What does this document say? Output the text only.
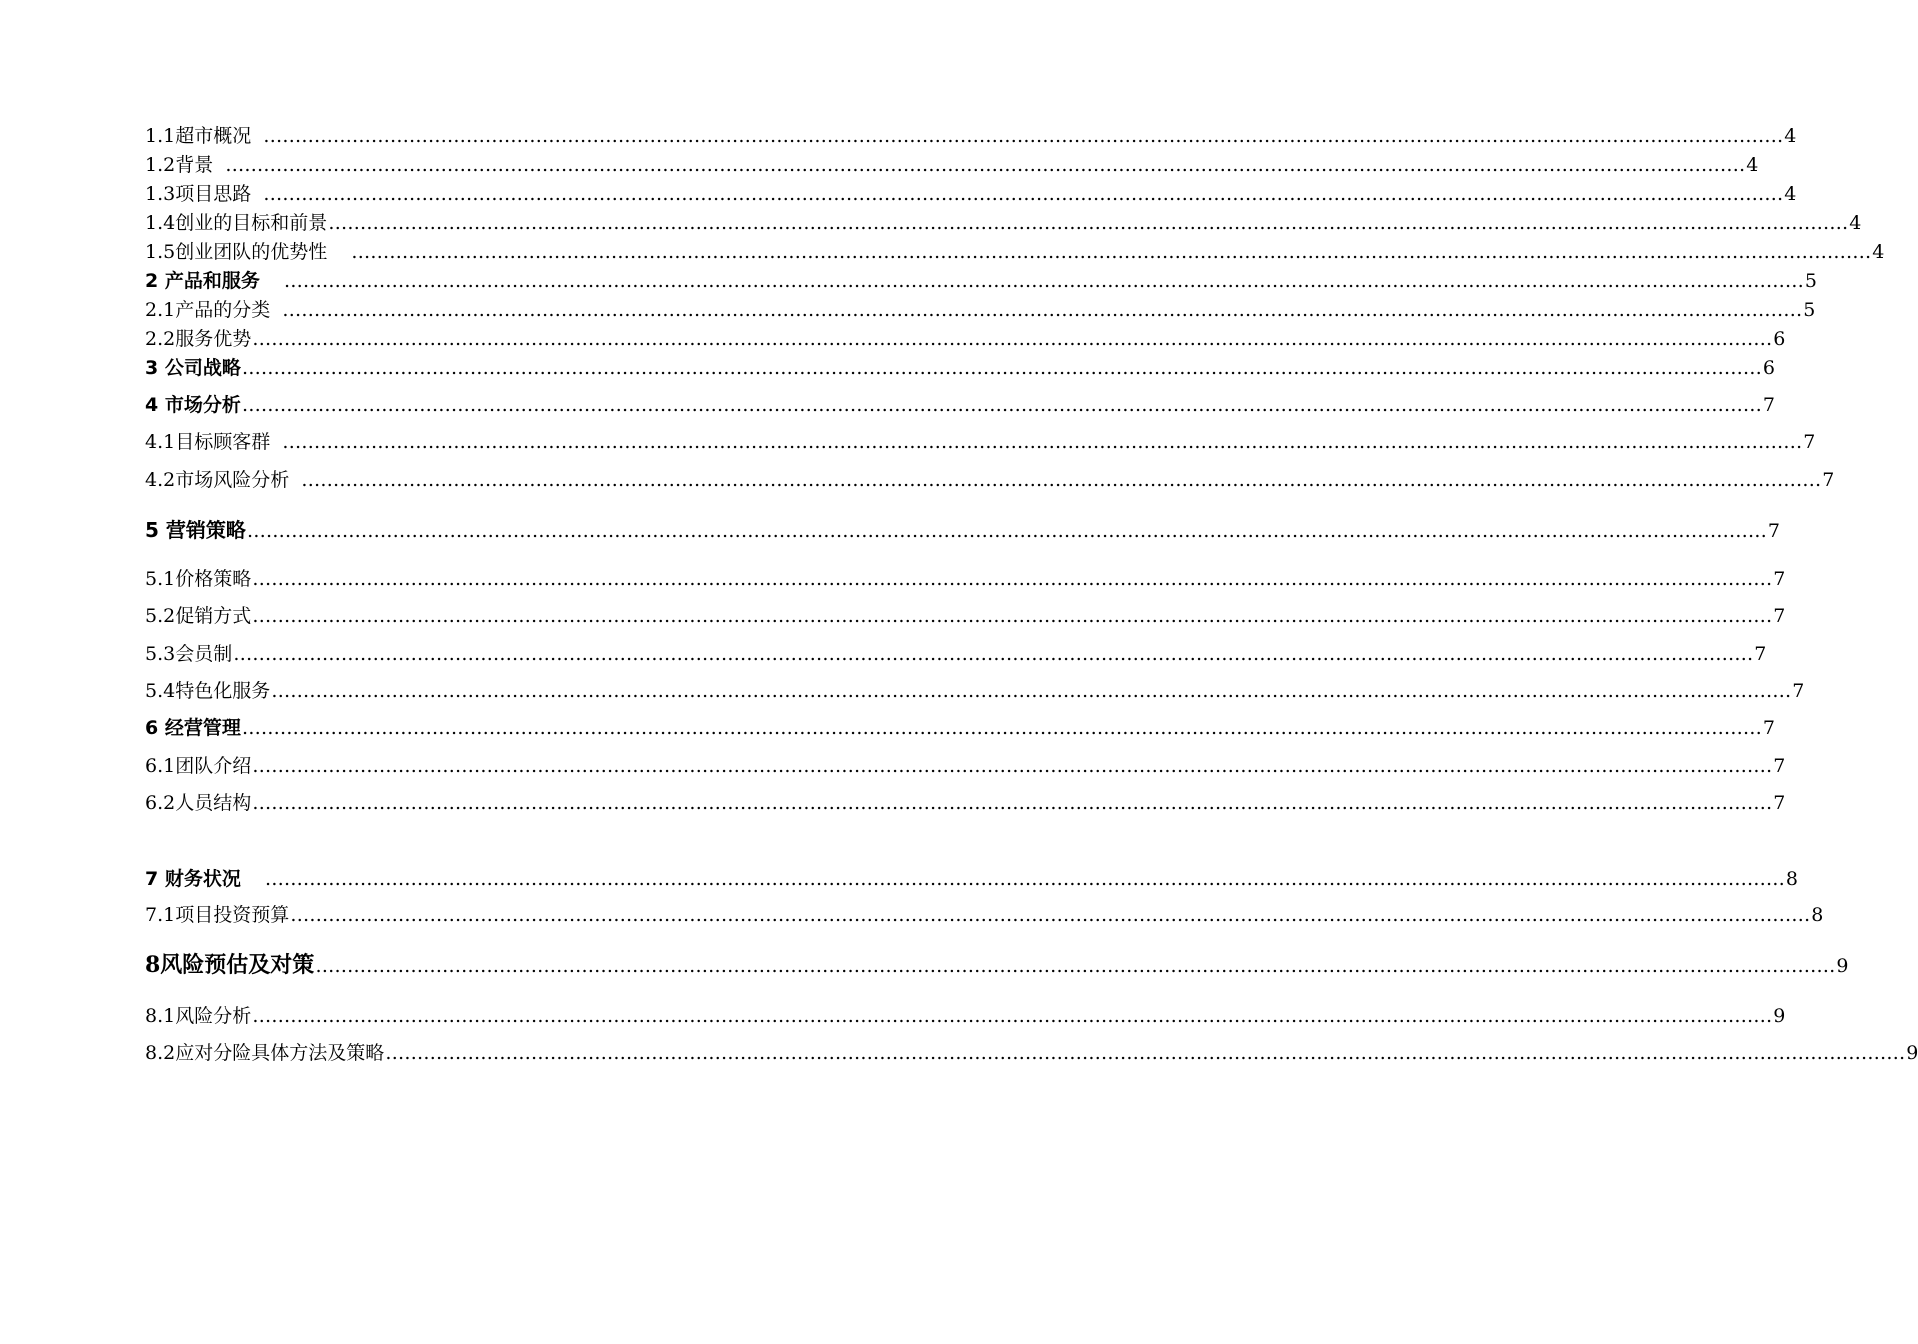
1.1超市概况 …………………………………………………………………………………………………………………………………………………………………………………………………………………… 4
1.2背景 …………………………………………………………………………………………………………………………………………………………………………………………………………………… 4
1.3项目思路 …………………………………………………………………………………………………………………………………………………………………………………………………………………… 4
1.4创业的目标和前景 …………………………………………………………………………………………………………………………………………………………………………………………………………………… 4
1.5创业团队的优势性 …………………………………………………………………………………………………………………………………………………………………………………………………………………… 4
2 产品和服务 …………………………………………………………………………………………………………………………………………………………………………………………………………………… 5
2.1产品的分类 …………………………………………………………………………………………………………………………………………………………………………………………………………………… 5
2.2服务优势 …………………………………………………………………………………………………………………………………………………………………………………………………………………… 6
3 公司战略 …………………………………………………………………………………………………………………………………………………………………………………………………………………… 6
4 市场分析 …………………………………………………………………………………………………………………………………………………………………………………………………………………… 7
4.1目标顾客群 …………………………………………………………………………………………………………………………………………………………………………………………………………………… 7
4.2市场风险分析 …………………………………………………………………………………………………………………………………………………………………………………………………………………… 7
5 营销策略 …………………………………………………………………………………………………………………………………………………………………………………………………………………… 7
5.1价格策略 …………………………………………………………………………………………………………………………………………………………………………………………………………………… 7
5.2促销方式 …………………………………………………………………………………………………………………………………………………………………………………………………………………… 7
5.3会员制 …………………………………………………………………………………………………………………………………………………………………………………………………………………… 7
5.4特色化服务 …………………………………………………………………………………………………………………………………………………………………………………………………………………… 7
6 经营管理 …………………………………………………………………………………………………………………………………………………………………………………………………………………… 7
6.1团队介绍 …………………………………………………………………………………………………………………………………………………………………………………………………………………… 7
6.2人员结构 …………………………………………………………………………………………………………………………………………………………………………………………………………………… 7
7 财务状况 …………………………………………………………………………………………………………………………………………………………………………………………………………………… 8
7.1项目投资预算 …………………………………………………………………………………………………………………………………………………………………………………………………………………… 8
8风险预估及对策 …………………………………………………………………………………………………………………………………………………………………………………………………………………… 9
8.1风险分析 …………………………………………………………………………………………………………………………………………………………………………………………………………………… 9
8.2应对分险具体方法及策略 …………………………………………………………………………………………………………………………………………………………………………………………………………………… 9
